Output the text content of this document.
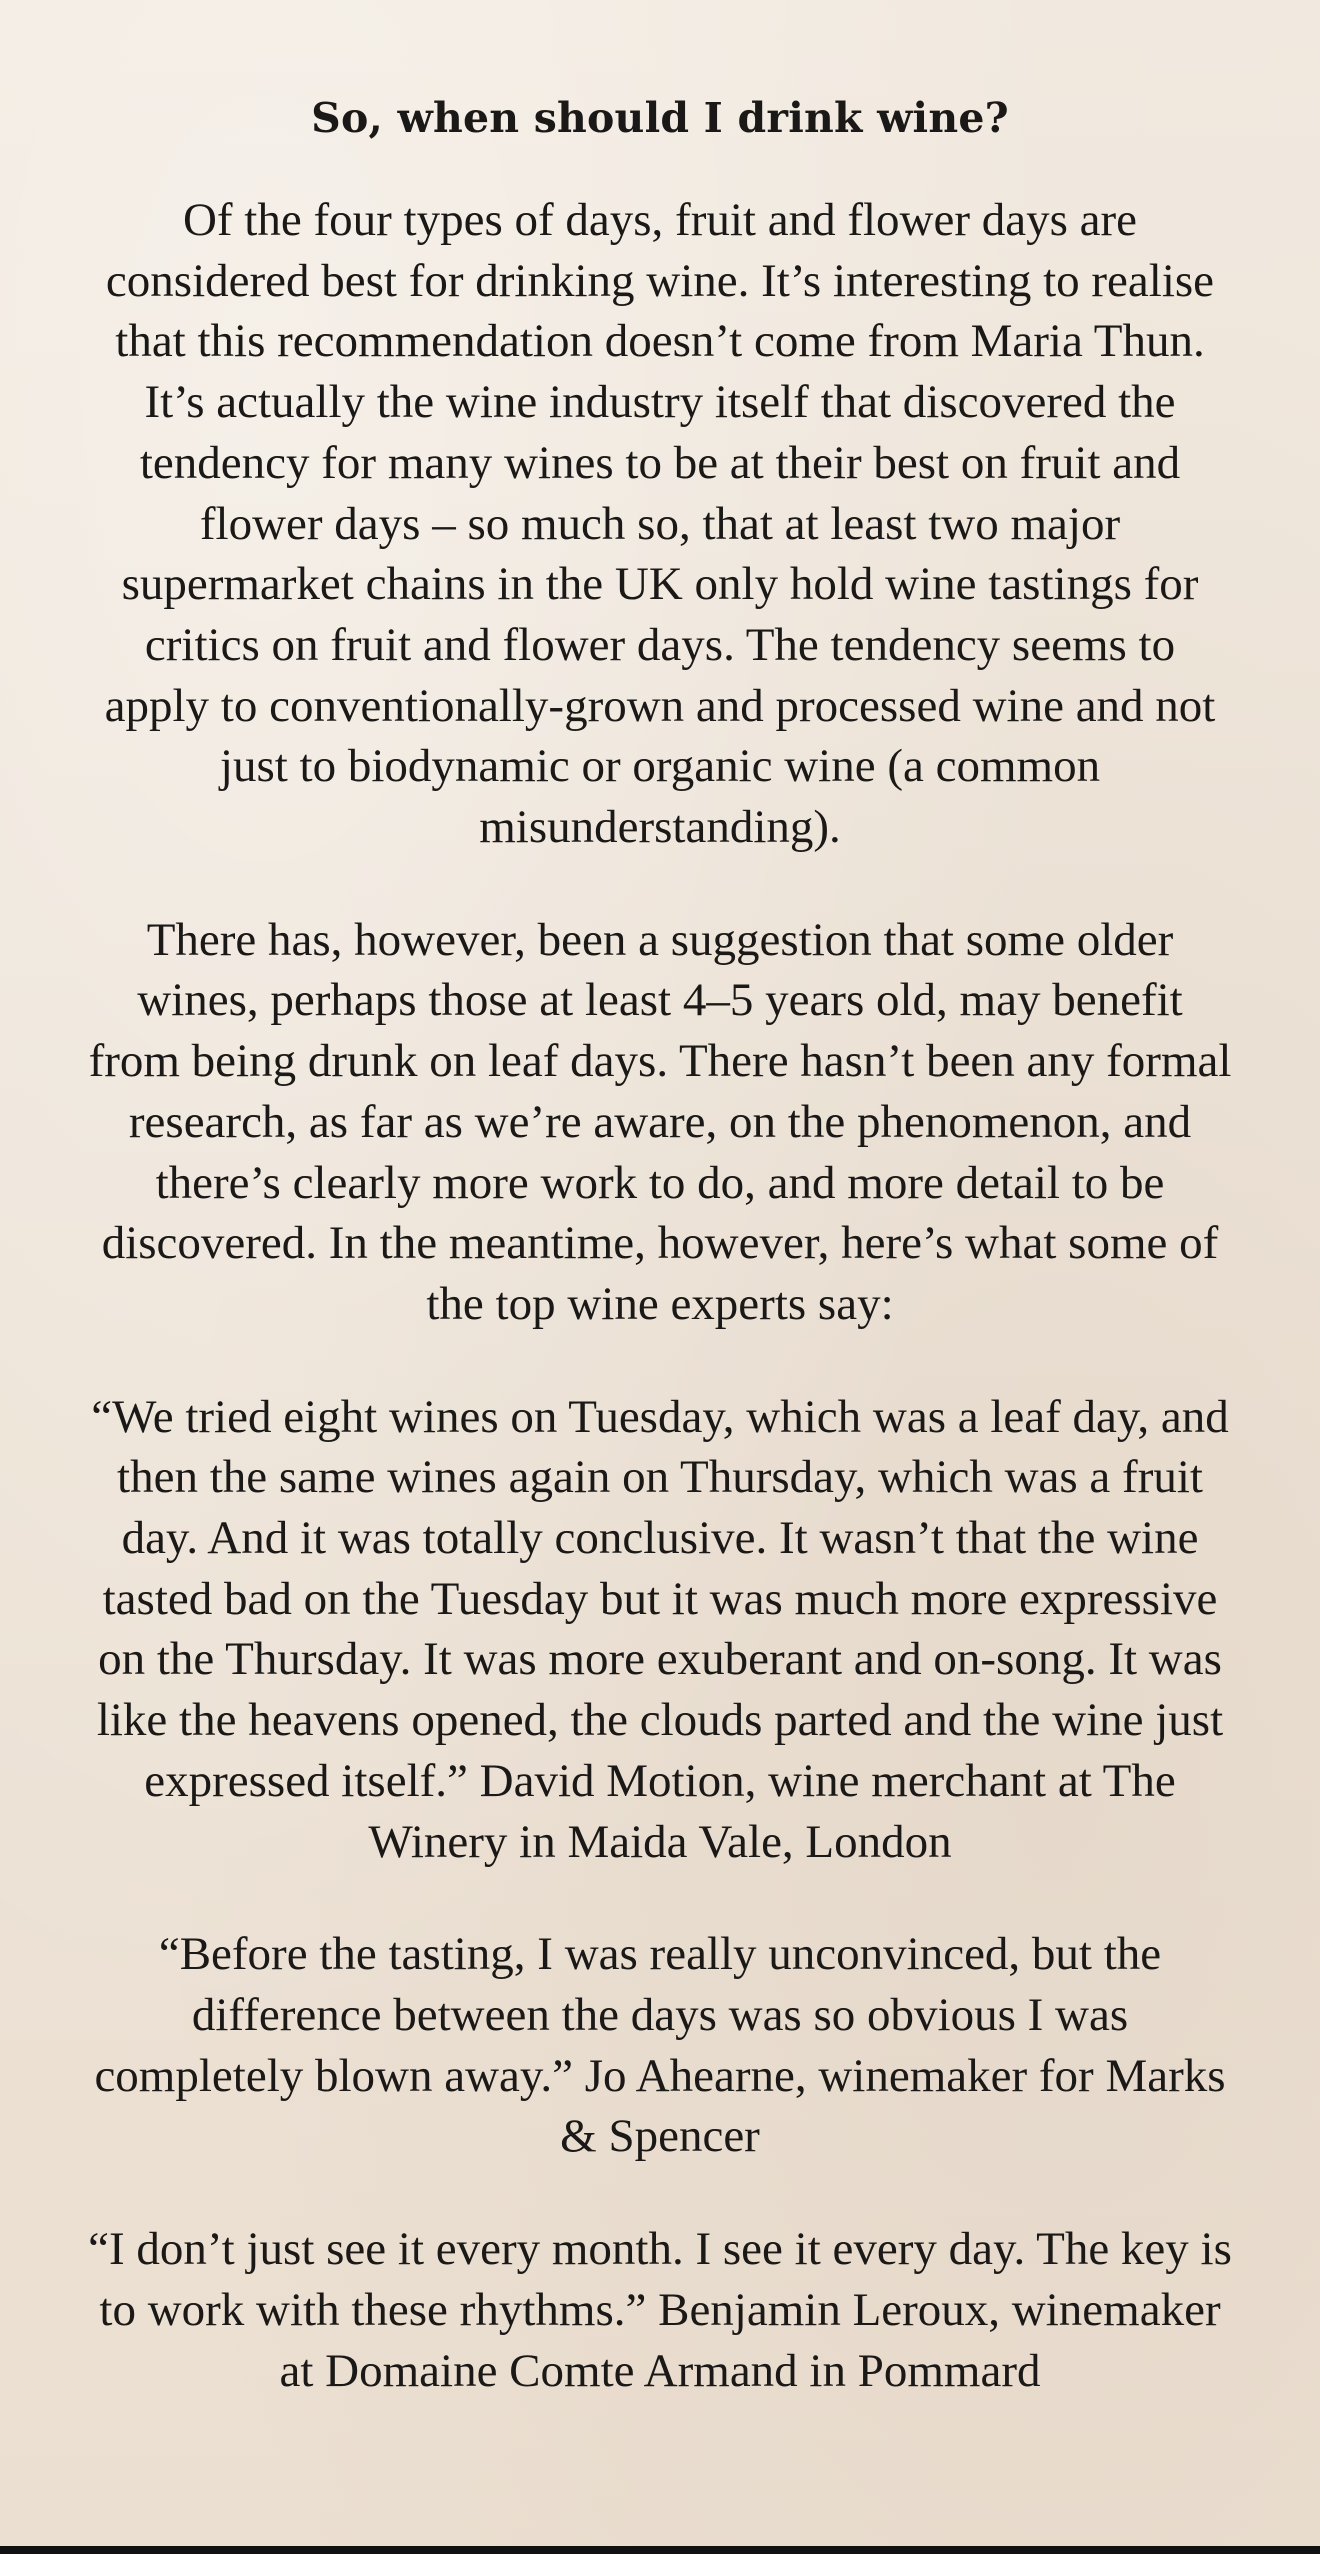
So, when should I drink wine?

Of the four types of days, fruit and flower days are considered best for drinking wine. It’s interesting to realise that this recommendation doesn’t come from Maria Thun. It’s actually the wine industry itself that discovered the tendency for many wines to be at their best on fruit and flower days – so much so, that at least two major supermarket chains in the UK only hold wine tastings for critics on fruit and flower days. The tendency seems to apply to conventionally-grown and processed wine and not just to biodynamic or organic wine (a common misunderstanding).

There has, however, been a suggestion that some older wines, perhaps those at least 4–5 years old, may benefit from being drunk on leaf days. There hasn’t been any formal research, as far as we’re aware, on the phenomenon, and there’s clearly more work to do, and more detail to be discovered. In the meantime, however, here’s what some of the top wine experts say:

“We tried eight wines on Tuesday, which was a leaf day, and then the same wines again on Thursday, which was a fruit day. And it was totally conclusive. It wasn’t that the wine tasted bad on the Tuesday but it was much more expressive on the Thursday. It was more exuberant and on-song. It was like the heavens opened, the clouds parted and the wine just expressed itself.” David Motion, wine merchant at The Winery in Maida Vale, London

“Before the tasting, I was really unconvinced, but the difference between the days was so obvious I was completely blown away.” Jo Ahearne, winemaker for Marks & Spencer

“I don’t just see it every month. I see it every day. The key is to work with these rhythms.” Benjamin Leroux, winemaker at Domaine Comte Armand in Pommard
